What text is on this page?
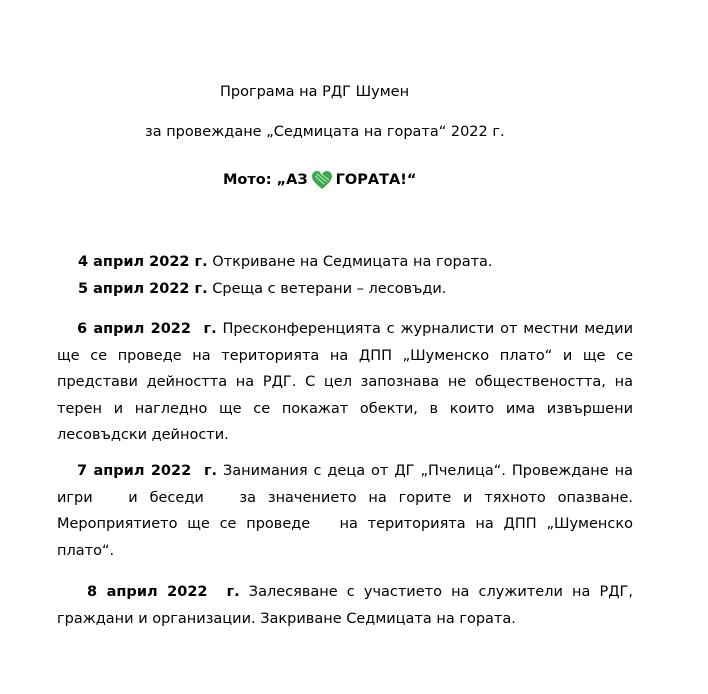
Програма на РДГ Шумен
за провеждане „Седмицата на гората“ 2022 г.
Мото: „АЗ ГОРАТА!“
4 април 2022 г. Откриване на Седмицата на гората.
5 април 2022 г. Среща с ветерани – лесовъди.
6 април 2022  г. Пресконференцията с журналисти от местни медии ще се проведе на територията на ДПП „Шуменско плато“ и ще се представи дейността на РДГ. С цел запознава не обществеността, на терен и нагледно ще се покажат обекти, в които има извършени лесовъдски дейности.
7 април 2022  г. Занимания с деца от ДГ „Пчелица“. Провеждане на игри   и беседи   за значението на горите и тяхното опазване. Мероприятието ще се проведе   на територията на ДПП „Шуменско плато“.
8 април 2022  г. Залесяване с участието на служители на РДГ, граждани и организации. Закриване Седмицата на гората.
